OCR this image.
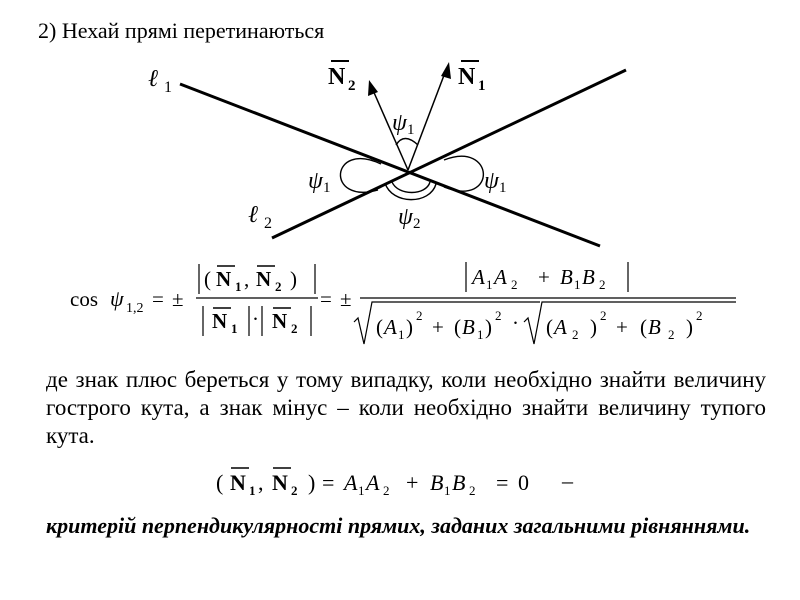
2) Нехай прямі перетинаються
ℓ 1
ℓ 2
N 2	N 1
ψ 1
ψ 1	ψ 1
ψ 2
cos ψ 1,2 = ±
( N 1 , N 2 )
N 1 · N 2
= ±
A 1 A 2 + B 1 B 2
( A 1 ) 2 + ( B 1 ) 2 · ( A 2 ) 2 + ( B 2 ) 2
( N 1 , N 2 ) = A 1 A 2 + B 1 B 2 = 0 –
де знак плюс береться у тому випадку, коли необхідно знайти величину гострого кута, а знак мінус – коли необхідно знайти величину тупого кута.
критерій перпендикулярності прямих, заданих загальними рівняннями.
